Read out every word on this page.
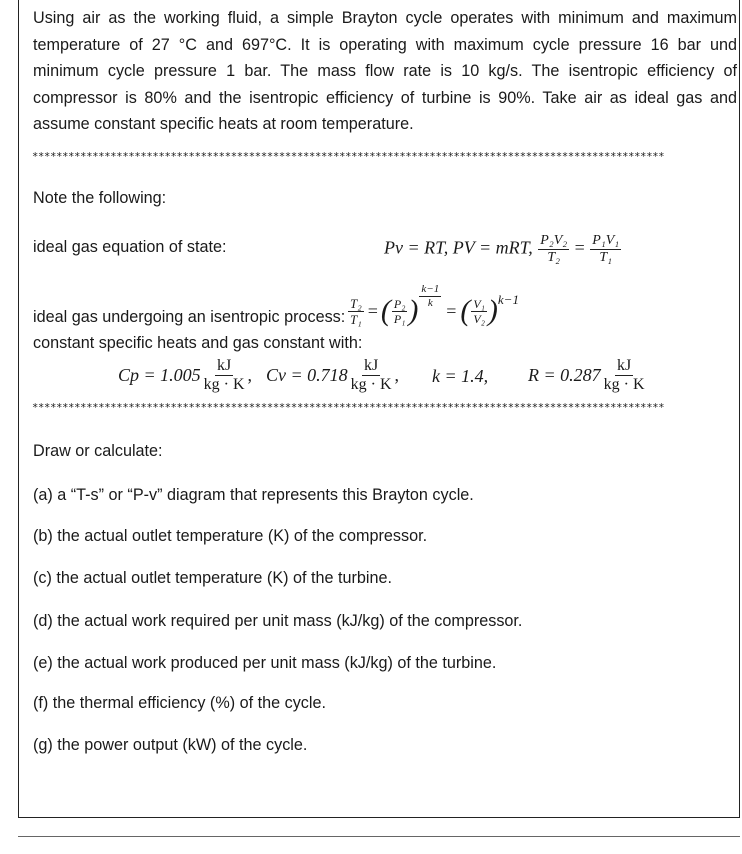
Using air as the working fluid, a simple Brayton cycle operates with minimum and maximum temperature of 27 °C and 697°C. It is operating with maximum cycle pressure 16 bar und minimum cycle pressure 1 bar. The mass flow rate is 10 kg/s. The isentropic efficiency of compressor is 80% and the isentropic efficiency of turbine is 90%. Take air as ideal gas and assume constant specific heats at room temperature.
*********************************************************************************************************
Note the following:
ideal gas equation of state:	Pv = RT, PV = mRT, $\frac{\text{P₂V₂}}{\text{T₂}} = \frac{\text{P₁V₁}}{\text{T₁}}$
ideal gas undergoing an isentropic process: $\frac{\text{T₂}}{\text{T₁}}$ = ( $\frac{\text{P₂}}{\text{P₁}}$ ) $\frac{k-1}{k}$
= ( $\frac{\text{V₁}}{\text{V₂}}$ ) k−1
constant specific heats and gas constant with:
$Cp = 1.005 \frac{kJ}{kg \cdot K}$ , $Cv = 0.718 \frac{kJ}{kg \cdot K}$ , k = 1.4, $R = 0.287 \frac{kJ}{kg \cdot K}$
*********************************************************************************************************
Draw or calculate:
(a) a “T-s” or “P-v” diagram that represents this Brayton cycle.
(b) the actual outlet temperature (K) of the compressor.
(c) the actual outlet temperature (K) of the turbine.
(d) the actual work required per unit mass (kJ/kg) of the compressor.
(e) the actual work produced per unit mass (kJ/kg) of the turbine.
(f) the thermal efficiency (%) of the cycle.
(g) the power output (kW) of the cycle.
